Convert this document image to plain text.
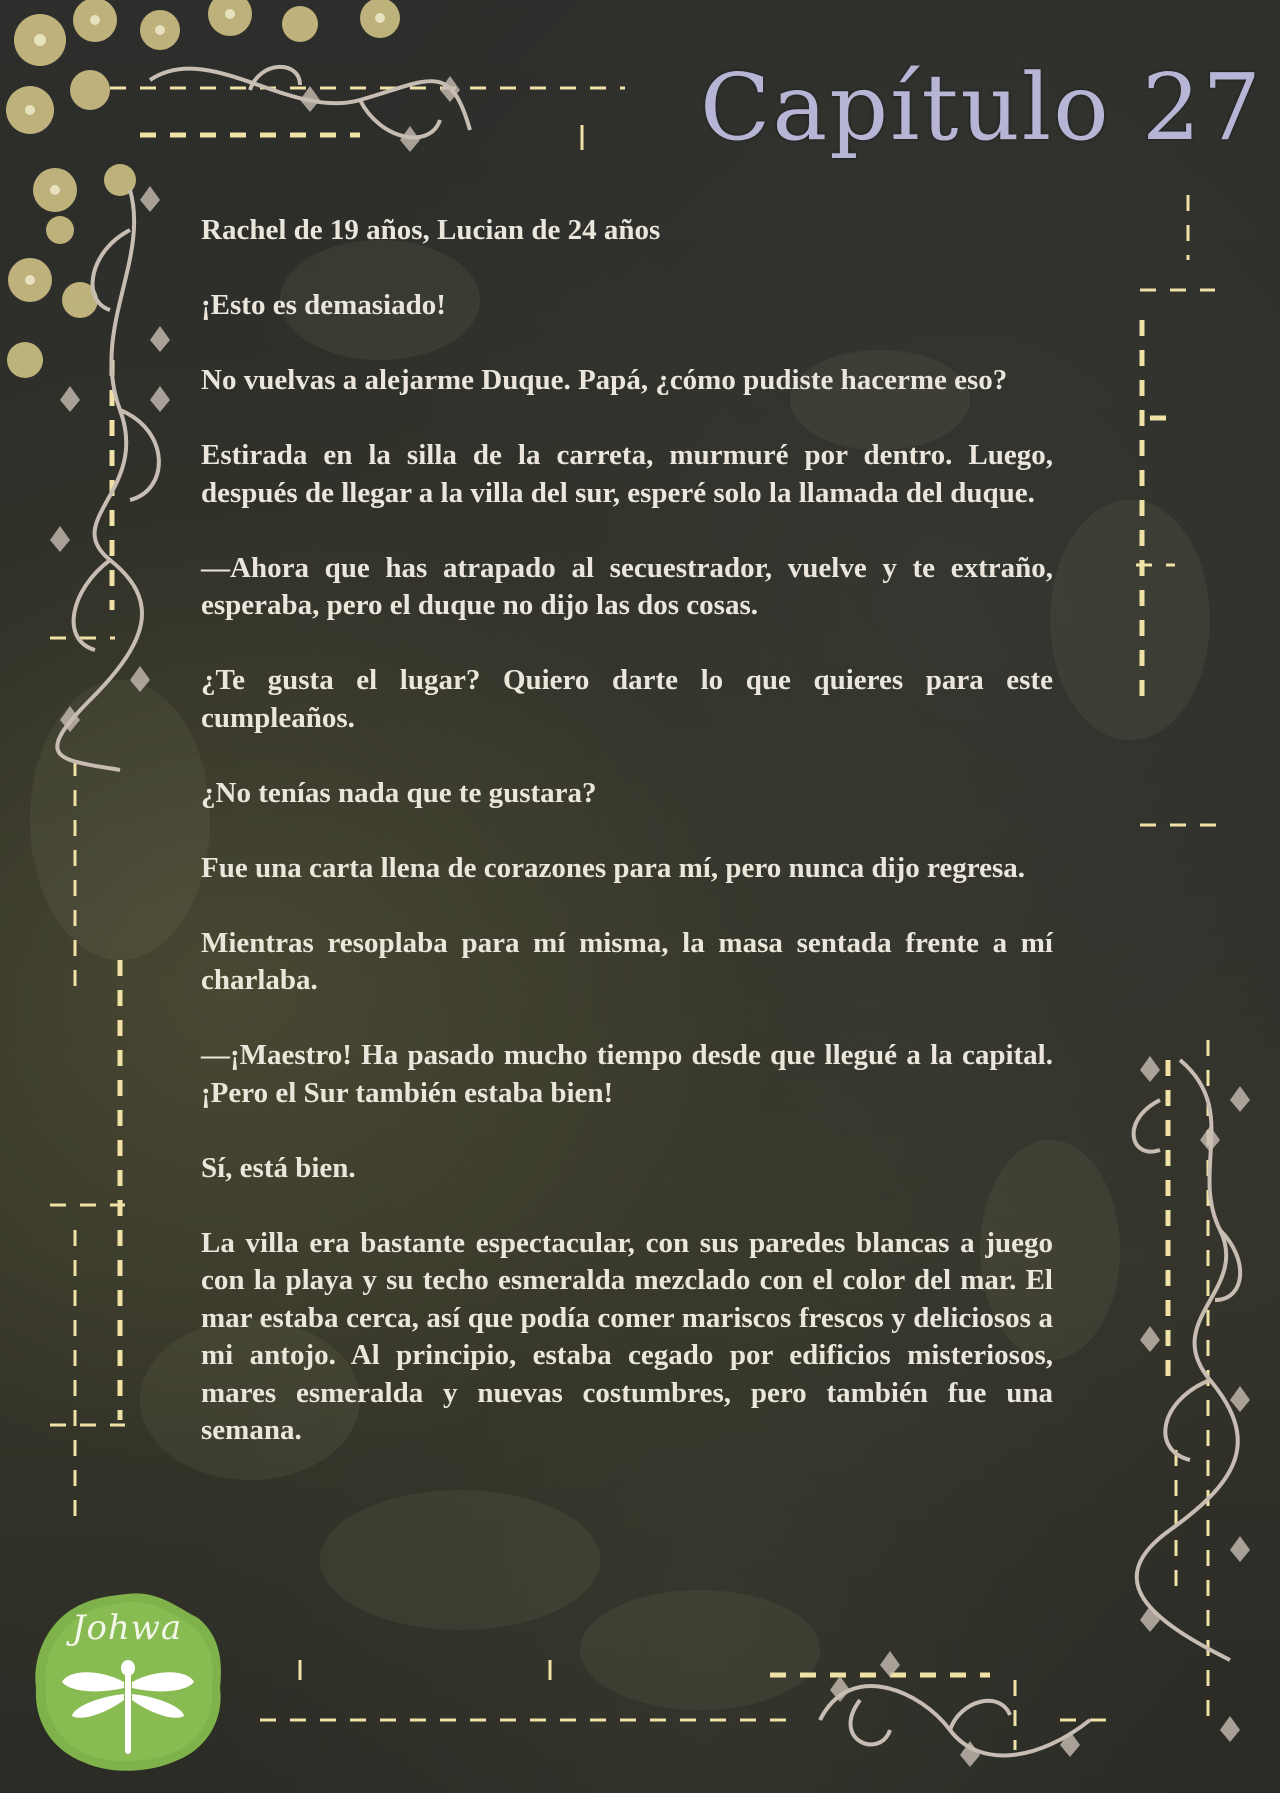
Capítulo 27

Rachel de 19 años, Lucian de 24 años

¡Esto es demasiado!

No vuelvas a alejarme Duque. Papá, ¿cómo pudiste hacerme eso?

Estirada en la silla de la carreta, murmuré por dentro. Luego, después de llegar a la villa del sur, esperé solo la llamada del duque.

—Ahora que has atrapado al secuestrador, vuelve y te extraño, esperaba, pero el duque no dijo las dos cosas.

¿Te gusta el lugar? Quiero darte lo que quieres para este cumpleaños.

¿No tenías nada que te gustara?

Fue una carta llena de corazones para mí, pero nunca dijo regresa.

Mientras resoplaba para mí misma, la masa sentada frente a mí charlaba.

—¡Maestro! Ha pasado mucho tiempo desde que llegué a la capital. ¡Pero el Sur también estaba bien!

Sí, está bien.

La villa era bastante espectacular, con sus paredes blancas a juego con la playa y su techo esmeralda mezclado con el color del mar. El mar estaba cerca, así que podía comer mariscos frescos y deliciosos a mi antojo. Al principio, estaba cegado por edificios misteriosos, mares esmeralda y nuevas costumbres, pero también fue una semana.

Johwa
